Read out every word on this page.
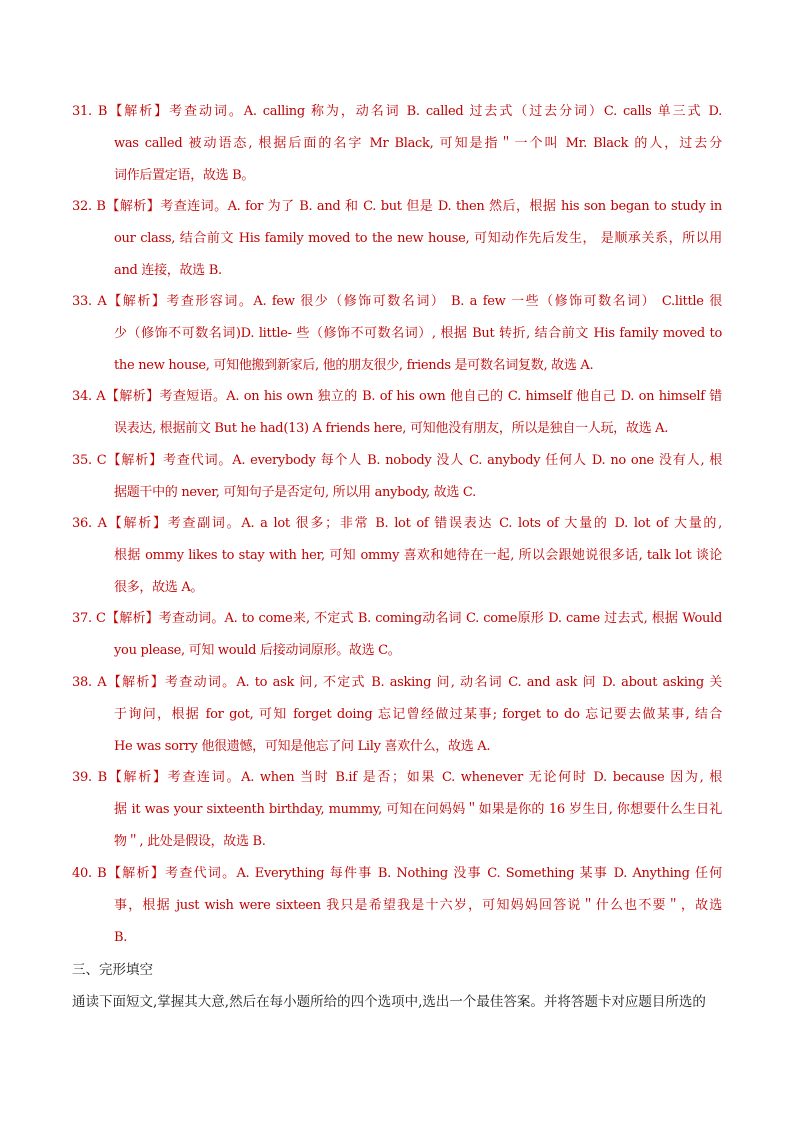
31. B【解析】考查动词。A. calling 称为，动名词 B. called 过去式（过去分词）C. calls 单三式 D.
was called 被动语态, 根据后面的名字 Mr Black, 可知是指＂一个叫 Mr. Black 的人，过去分
词作后置定语，故选 B。
32. B【解析】考查连词。A. for 为了 B. and 和 C. but 但是 D. then 然后，根据 his son began to study in
our class, 结合前文 His family moved to the new house, 可知动作先后发生， 是顺承关系，所以用
and 连接，故选 B.
33. A【解析】考查形容词。A. few 很少（修饰可数名词） B. a few 一些（修饰可数名词） C.little 很
少（修饰不可数名词)D. little- 些（修饰不可数名词）, 根据 But 转折, 结合前文 His family moved to
the new house, 可知他搬到新家后, 他的朋友很少, friends 是可数名词复数, 故选 A.
34. A【解析】考查短语。A. on his own 独立的 B. of his own 他自己的 C. himself 他自己 D. on himself 错
误表达, 根据前文 But he had(13) A friends here, 可知他没有朋友，所以是独自一人玩，故选 A.
35. C【解析】考查代词。A. everybody 每个人 B. nobody 没人 C. anybody 任何人 D. no one 没有人, 根
据题干中的 never, 可知句子是否定句, 所以用 anybody, 故选 C.
36. A【解析】考查副词。A. a lot 很多；非常 B. lot of 错误表达 C. lots of 大量的 D. lot of 大量的,
根据 ommy likes to stay with her, 可知 ommy 喜欢和她待在一起, 所以会跟她说很多话, talk lot 谈论
很多，故选 A。
37. C【解析】考查动词。A. to come来, 不定式 B. coming动名词 C. come原形 D. came 过去式, 根据 Would
you please, 可知 would 后接动词原形。故选 C。
38. A【解析】考查动词。A. to ask 问, 不定式 B. asking 问, 动名词 C. and ask 问 D. about asking 关
于询问，根据 for got, 可知 forget doing 忘记曾经做过某事; forget to do 忘记要去做某事, 结合
He was sorry 他很遗憾，可知是他忘了问 Lily 喜欢什么，故选 A.
39. B【解析】考查连词。A. when 当时 B.if 是否；如果 C. whenever 无论何时 D. because 因为, 根
据 it was your sixteenth birthday, mummy, 可知在问妈妈＂如果是你的 16 岁生日, 你想要什么生日礼
物＂, 此处是假设，故选 B.
40. B【解析】考查代词。A. Everything 每件事 B. Nothing 没事 C. Something 某事 D. Anything 任何
事，根据 just wish were sixteen 我只是希望我是十六岁，可知妈妈回答说＂什么也不要＂，故选
B.
三、完形填空
通读下面短文,掌握其大意,然后在每小题所给的四个选项中,选出一个最佳答案。并将答题卡对应题目所选的
